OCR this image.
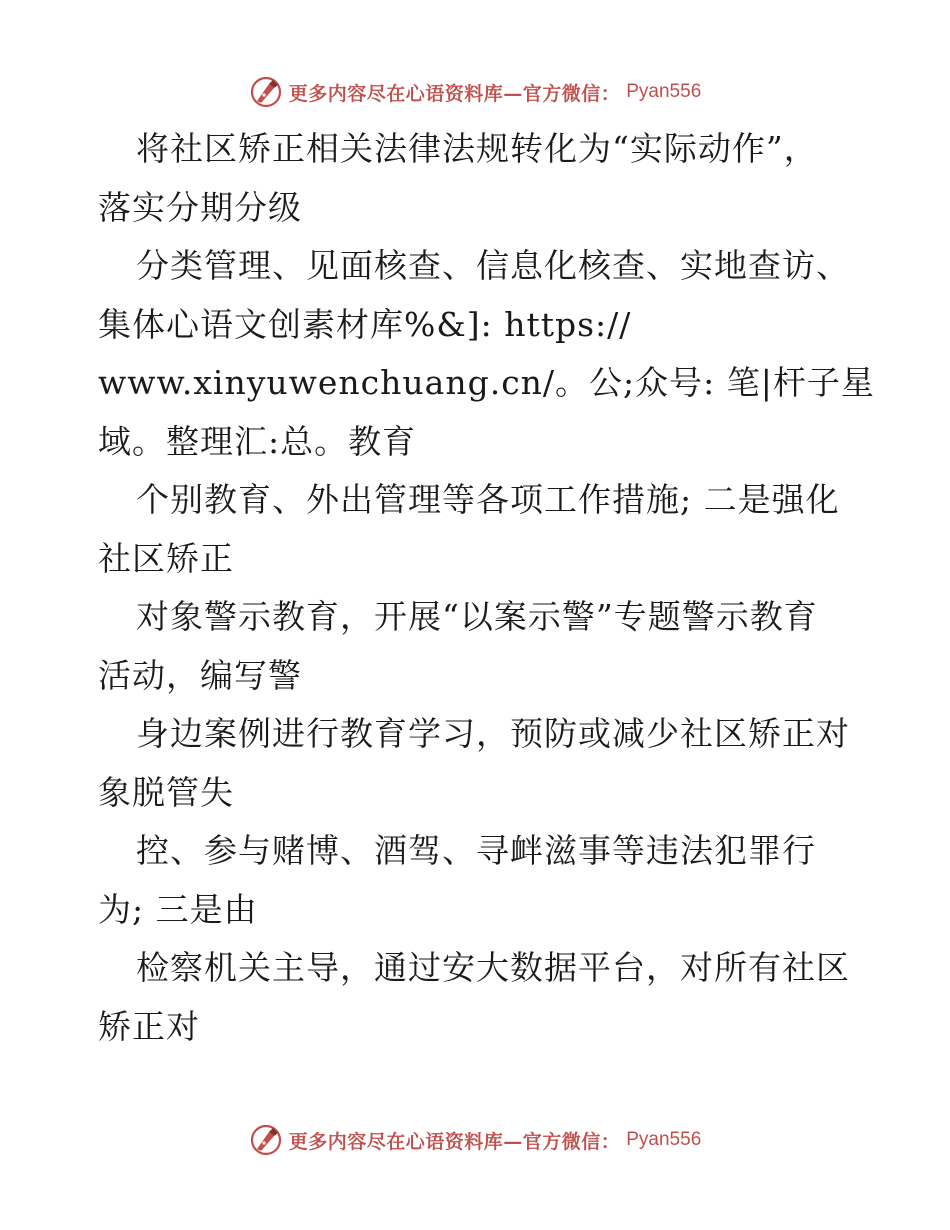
更多内容尽在心语资料库—官方微信： Pyan556
将社区矫正相关法律法规转化为“实际动作”，
落实分期分级
分类管理、见面核查、信息化核查、实地查访、
集体心语文创素材库%&]: https://
www.xinyuwenchuang.cn/。公;众号: 笔|杆子星
域。整理汇:总。教育
个别教育、外出管理等各项工作措施; 二是强化
社区矫正
对象警示教育，开展“以案示警”专题警示教育
活动，编写警
身边案例进行教育学习，预防或减少社区矫正对
象脱管失
控、参与赌博、酒驾、寻衅滋事等违法犯罪行
为; 三是由
检察机关主导，通过安大数据平台，对所有社区
矫正对
更多内容尽在心语资料库—官方微信： Pyan556
